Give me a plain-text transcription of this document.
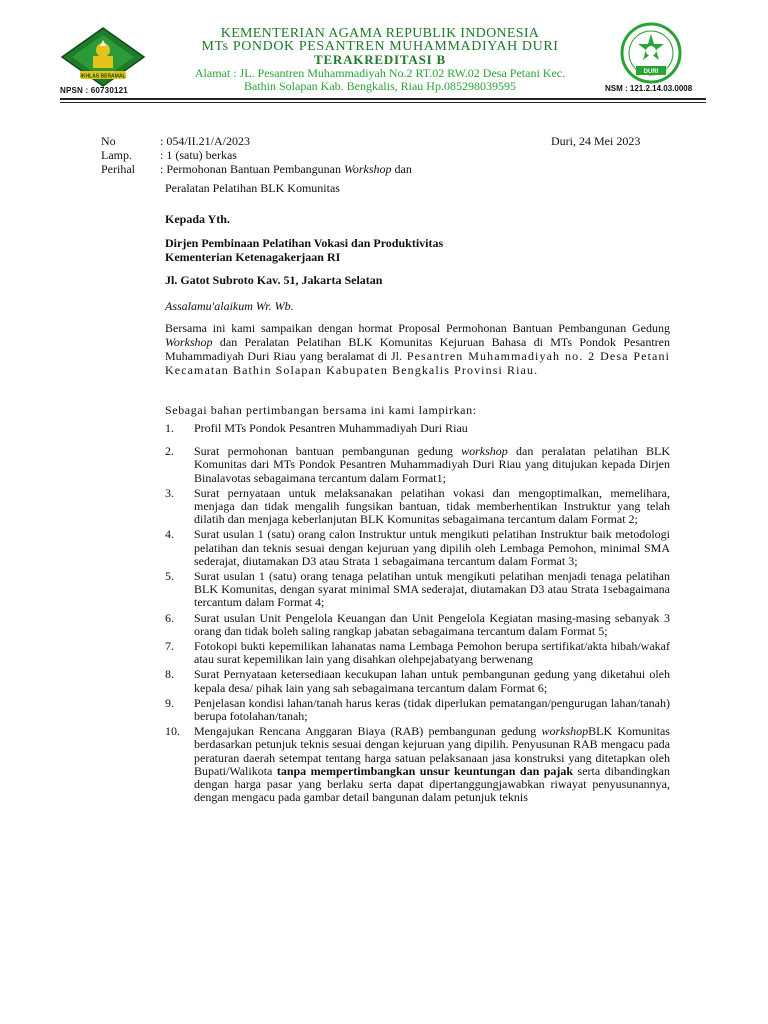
IKHLAS BERAMAL
NPSN : 60730121
KEMENTERIAN AGAMA REPUBLIK INDONESIA
MTs PONDOK PESANTREN MUHAMMADIYAH DURI
TERAKREDITASI B
Alamat : JL. Pesantren Muhammadiyah No.2 RT.02 RW.02 Desa Petani Kec.
Bathin Solapan Kab. Bengkalis, Riau Hp.085298039595
DURI
NSM : 121.2.14.03.0008
No	: 054/II.21/A/2023	Duri, 24 Mei 2023
Lamp. : 1 (satu) berkas
Perihal : Permohonan Bantuan Pembangunan Workshop dan
Peralatan Pelatihan BLK Komunitas
Kepada Yth.
Dirjen Pembinaan Pelatihan Vokasi dan Produktivitas
Kementerian Ketenagakerjaan RI
Jl. Gatot Subroto Kav. 51, Jakarta Selatan
Assalamu'alaikum Wr. Wb.
Bersama ini kami sampaikan dengan hormat Proposal Permohonan Bantuan Pembangunan Gedung Workshop dan Peralatan Pelatihan BLK Komunitas Kejuruan Bahasa di MTs Pondok Pesantren Muhammadiyah Duri Riau yang beralamat di Jl. Pesantren Muhammadiyah no. 2 Desa Petani Kecamatan Bathin Solapan Kabupaten Bengkalis Provinsi Riau.
Sebagai bahan pertimbangan bersama ini kami lampirkan:
1. Profil MTs Pondok Pesantren Muhammadiyah Duri Riau
2. Surat permohonan bantuan pembangunan gedung workshop dan peralatan pelatihan BLK Komunitas dari MTs Pondok Pesantren Muhammadiyah Duri Riau yang ditujukan kepada Dirjen Binalavotas sebagaimana tercantum dalam Format1;
3. Surat pernyataan untuk melaksanakan pelatihan vokasi dan mengoptimalkan, memelihara, menjaga dan tidak mengalih fungsikan bantuan, tidak memberhentikan Instruktur yang telah dilatih dan menjaga keberlanjutan BLK Komunitas sebagaimana tercantum dalam Format 2;
4. Surat usulan 1 (satu) orang calon Instruktur untuk mengikuti pelatihan Instruktur baik metodologi pelatihan dan teknis sesuai dengan kejuruan yang dipilih oleh Lembaga Pemohon, minimal SMA sederajat, diutamakan D3 atau Strata 1 sebagaimana tercantum dalam Format 3;
5. Surat usulan 1 (satu) orang tenaga pelatihan untuk mengikuti pelatihan menjadi tenaga pelatihan BLK Komunitas, dengan syarat minimal SMA sederajat, diutamakan D3 atau Strata 1sebagaimana tercantum dalam Format 4;
6. Surat usulan Unit Pengelola Keuangan dan Unit Pengelola Kegiatan masing-masing sebanyak 3 orang dan tidak boleh saling rangkap jabatan sebagaimana tercantum dalam Format 5;
7. Fotokopi bukti kepemilikan lahanatas nama Lembaga Pemohon berupa sertifikat/akta hibah/wakaf atau surat kepemilikan lain yang disahkan olehpejabatyang berwenang
8. Surat Pernyataan ketersediaan kecukupan lahan untuk pembangunan gedung yang diketahui oleh kepala desa/ pihak lain yang sah sebagaimana tercantum dalam Format 6;
9. Penjelasan kondisi lahan/tanah harus keras (tidak diperlukan pematangan/pengurugan lahan/tanah) berupa fotolahan/tanah;
10. Mengajukan Rencana Anggaran Biaya (RAB) pembangunan gedung workshopBLK Komunitas berdasarkan petunjuk teknis sesuai dengan kejuruan yang dipilih. Penyusunan RAB mengacu pada peraturan daerah setempat tentang harga satuan pelaksanaan jasa konstruksi yang ditetapkan oleh Bupati/Walikota tanpa mempertimbangkan unsur keuntungan dan pajak serta dibandingkan dengan harga pasar yang berlaku serta dapat dipertanggungjawabkan riwayat penyusunannya, dengan mengacu pada gambar detail bangunan dalam petunjuk teknis
